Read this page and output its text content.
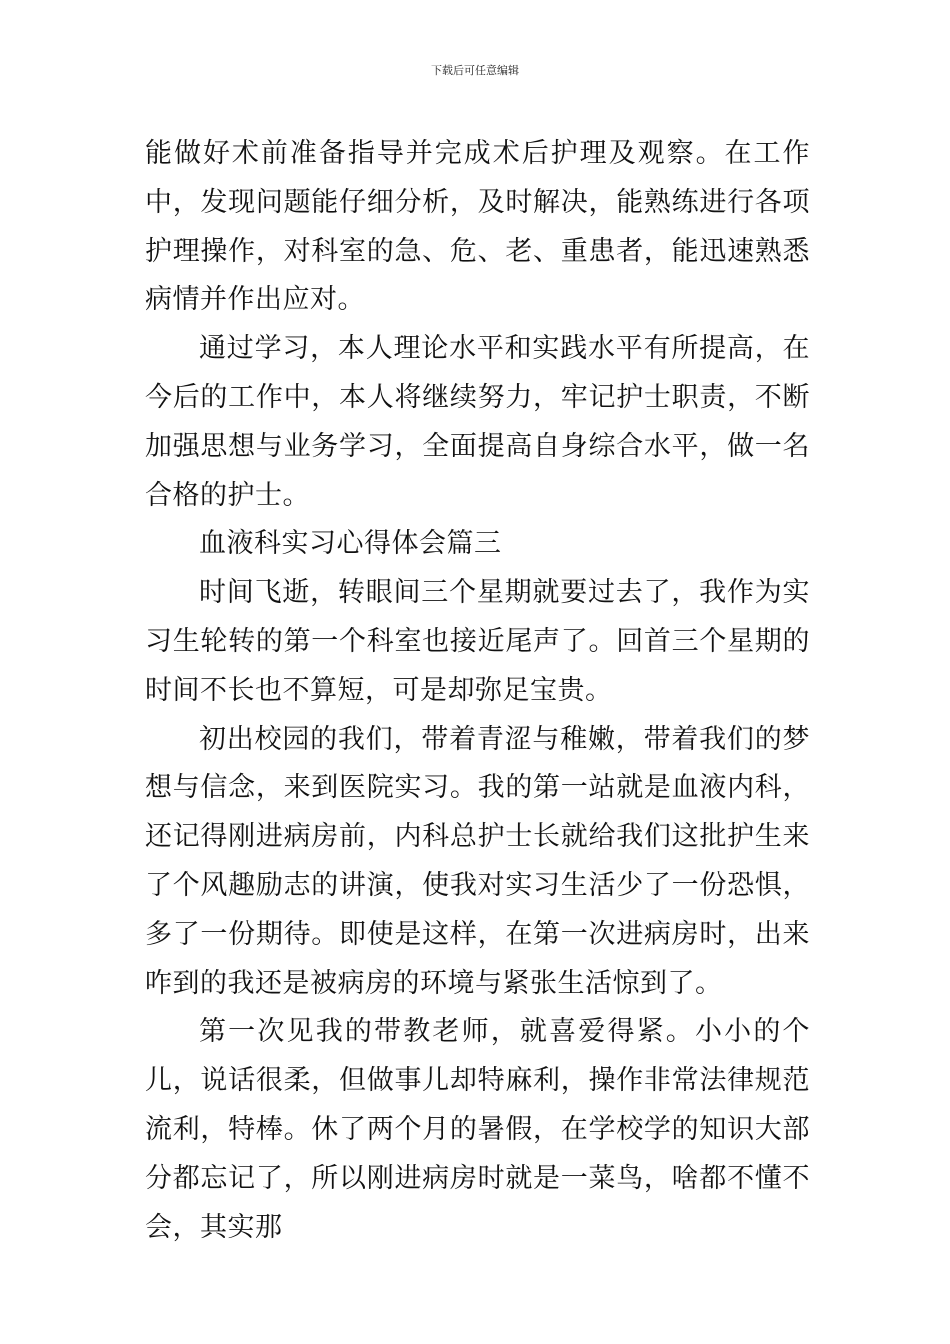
下载后可任意编辑

能做好术前准备指导并完成术后护理及观察。在工作中，发现问题能仔细分析，及时解决，能熟练进行各项护理操作，对科室的急、危、老、重患者，能迅速熟悉病情并作出应对。

通过学习，本人理论水平和实践水平有所提高，在今后的工作中，本人将继续努力，牢记护士职责，不断加强思想与业务学习，全面提高自身综合水平，做一名合格的护士。

血液科实习心得体会篇三

时间飞逝，转眼间三个星期就要过去了，我作为实习生轮转的第一个科室也接近尾声了。回首三个星期的时间不长也不算短，可是却弥足宝贵。

初出校园的我们，带着青涩与稚嫩，带着我们的梦想与信念，来到医院实习。我的第一站就是血液内科，还记得刚进病房前，内科总护士长就给我们这批护生来了个风趣励志的讲演，使我对实习生活少了一份恐惧，多了一份期待。即使是这样，在第一次进病房时，出来咋到的我还是被病房的环境与紧张生活惊到了。

第一次见我的带教老师，就喜爱得紧。小小的个儿，说话很柔，但做事儿却特麻利，操作非常法律规范流利，特棒。休了两个月的暑假，在学校学的知识大部分都忘记了，所以刚进病房时就是一菜鸟，啥都不懂不会，其实那
